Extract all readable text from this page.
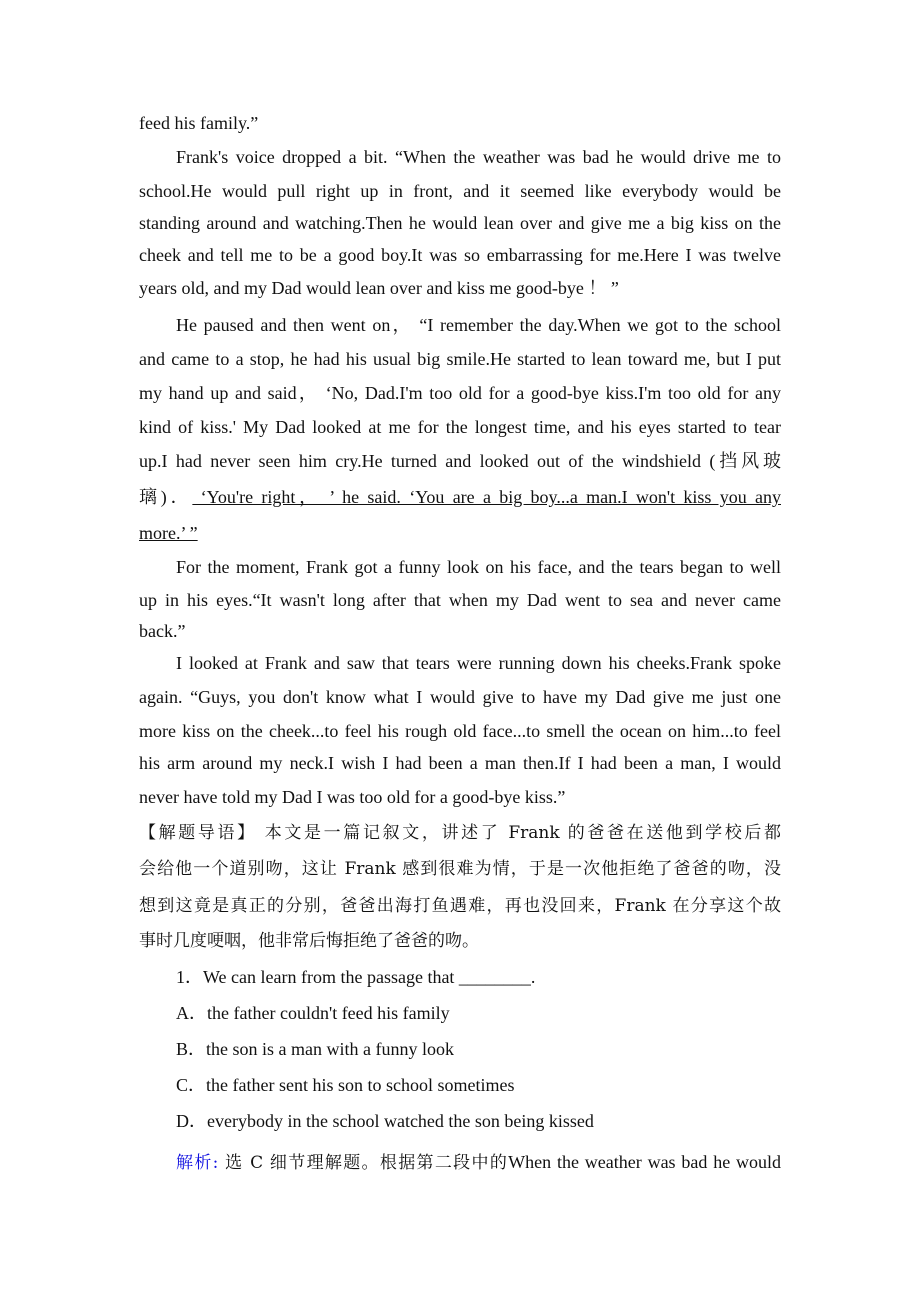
feed his family.”
Frank's voice dropped a bit. “When the weather was bad he would drive me to
school.He would pull right up in front, and it seemed like everybody would be
standing around and watching.Then he would lean over and give me a big kiss on the
cheek and tell me to be a good boy.It was so embarrassing for me.Here I was twelve
years old, and my Dad would lean over and kiss me good-bye ！ ”
He paused and then went on， “I remember the day.When we got to the school
and came to a stop, he had his usual big smile.He started to lean toward me, but I put
my hand up and said， ‘No, Dad.I'm too old for a good-bye kiss.I'm too old for any
kind of kiss.' My Dad looked at me for the longest time, and his eyes started to tear
up.I had never seen him cry.He turned and looked out of the windshield (挡风玻
璃)． ‘You're right， ’ he said. ‘You are a big boy...a man.I won't kiss you any
more.’ ”
For the moment, Frank got a funny look on his face, and the tears began to well
up in his eyes.“It wasn't long after that when my Dad went to sea and never came
back.”
I looked at Frank and saw that tears were running down his cheeks.Frank spoke
again. “Guys, you don't know what I would give to have my Dad give me just one
more kiss on the cheek...to feel his rough old face...to smell the ocean on him...to feel
his arm around my neck.I wish I had been a man then.If I had been a man, I would
never have told my Dad I was too old for a good-bye kiss.”
【解题导语】 本文是一篇记叙文，讲述了 Frank 的爸爸在送他到学校后都
会给他一个道别吻，这让 Frank 感到很难为情，于是一次他拒绝了爸爸的吻，没
想到这竟是真正的分别，爸爸出海打鱼遇难，再也没回来，Frank 在分享这个故
事时几度哽咽，他非常后悔拒绝了爸爸的吻。
1．We can learn from the passage that ________.
A．the father couldn't feed his family
B．the son is a man with a funny look
C．the father sent his son to school sometimes
D．everybody in the school watched the son being kissed
解析: 选 C 细节理解题。根据第二段中的When the weather was bad he would
